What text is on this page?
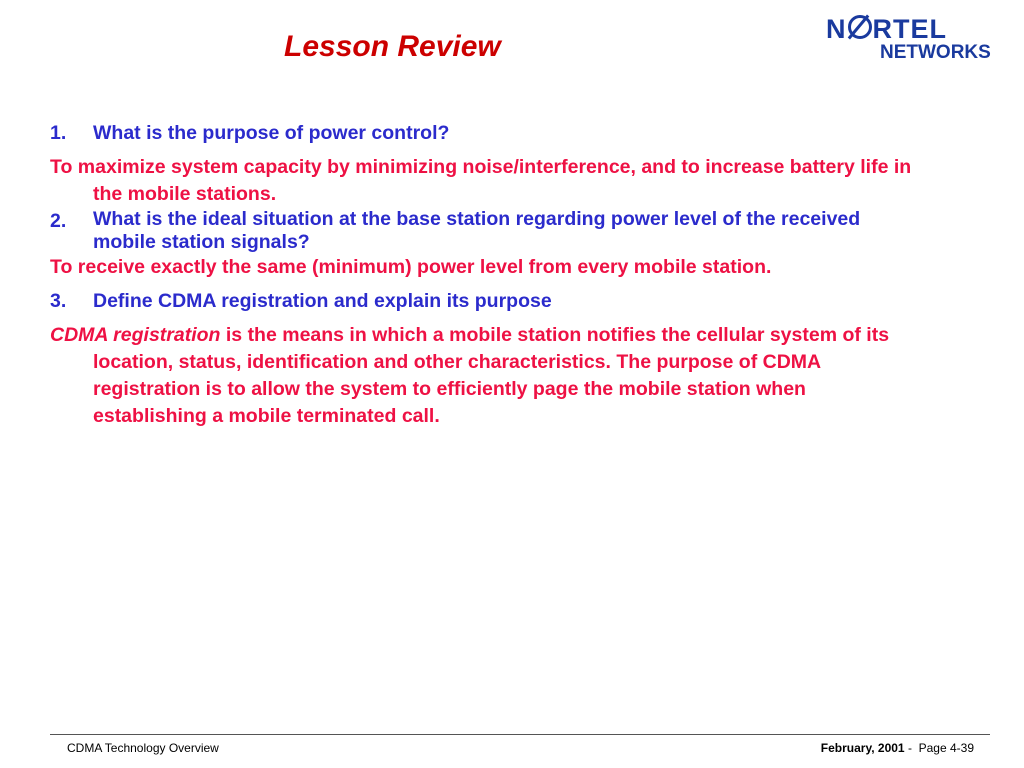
Lesson Review
N RTEL
NETWORKS
1.	What is the purpose of power control?
To maximize system capacity by minimizing noise/interference, and to increase battery life in the mobile stations.
2.	What is the ideal situation at the base station regarding power level of the received mobile station signals?
To receive exactly the same (minimum) power level from every mobile station.
3.	Define CDMA registration and explain its purpose
CDMA registration is the means in which a mobile station notifies the cellular system of its location, status, identification and other characteristics. The purpose of CDMA registration is to allow the system to efficiently page the mobile station when establishing a mobile terminated call.
CDMA Technology Overview	February, 2001 -  Page 4-39
